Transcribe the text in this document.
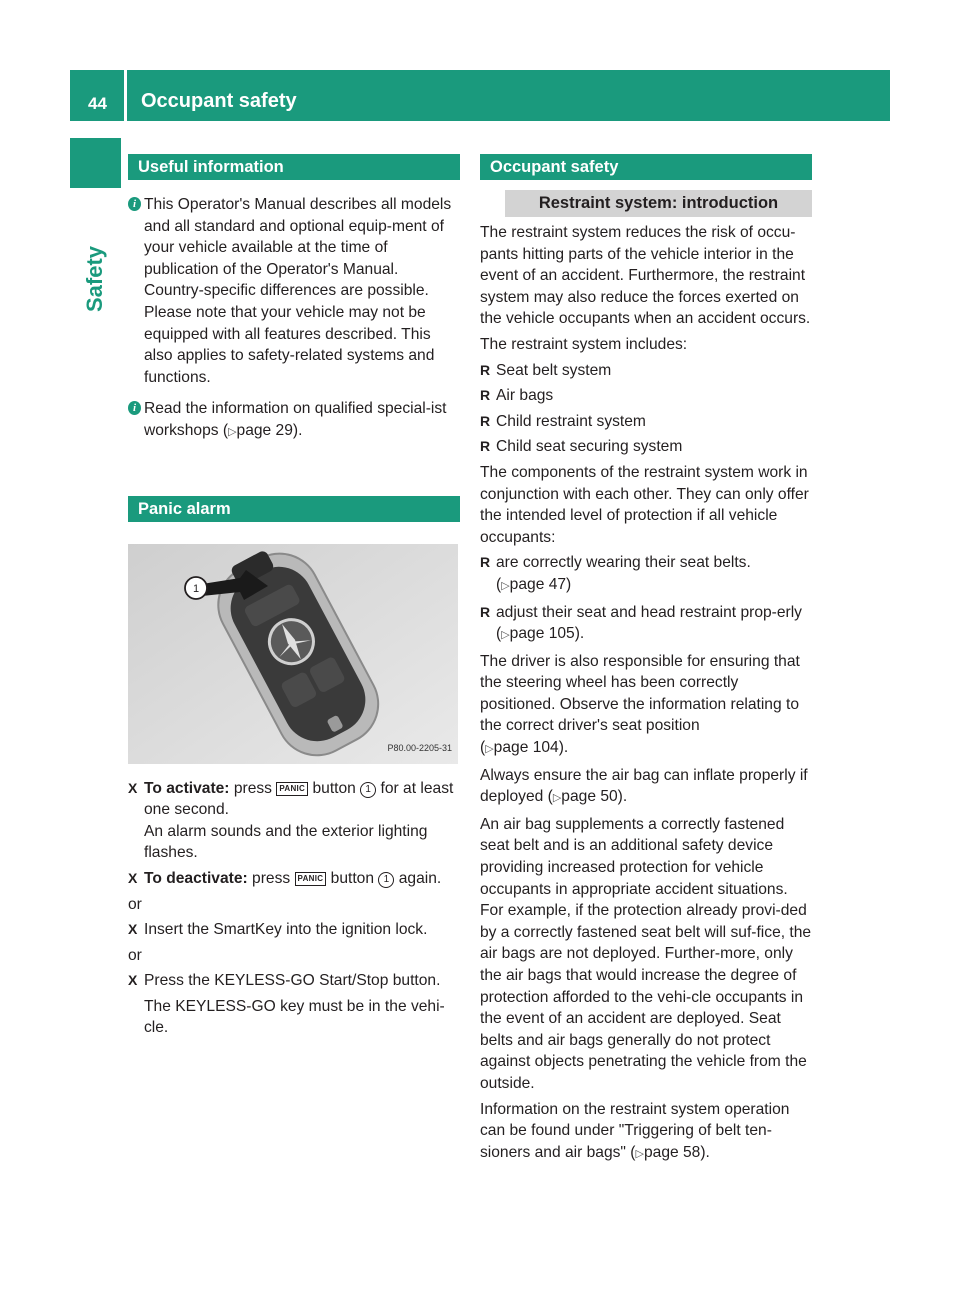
44 Occupant safety
Safety
Useful information
i This Operator's Manual describes all models and all standard and optional equip-ment of your vehicle available at the time of publication of the Operator's Manual. Country-specific differences are possible. Please note that your vehicle may not be equipped with all features described. This also applies to safety-related systems and functions.

i Read the information on qualified special-ist workshops (▷page 29).

Panic alarm
1
P80.00-2205-31
X To activate: press PANIC button 1 for at least one second.

An alarm sounds and the exterior lighting flashes.

X To deactivate: press PANIC button 1 again.

or

X Insert the SmartKey into the ignition lock.

or

X Press the KEYLESS-GO Start/Stop button.

The KEYLESS-GO key must be in the vehi-cle.

Occupant safety
Restraint system: introduction

The restraint system reduces the risk of occu-pants hitting parts of the vehicle interior in the event of an accident. Furthermore, the restraint system may also reduce the forces exerted on the vehicle occupants when an accident occurs.

The restraint system includes:

R Seat belt system

R Air bags

R Child restraint system

R Child seat securing system

The components of the restraint system work in conjunction with each other. They can only offer the intended level of protection if all vehicle occupants:

R are correctly wearing their seat belts.

(▷page 47)

R adjust their seat and head restraint prop-erly (▷page 105).

The driver is also responsible for ensuring that the steering wheel has been correctly positioned. Observe the information relating to the correct driver's seat position

(▷page 104).

Always ensure the air bag can inflate properly if deployed (▷page 50).

An air bag supplements a correctly fastened seat belt and is an additional safety device providing increased protection for vehicle occupants in appropriate accident situations. For example, if the protection already provi-ded by a correctly fastened seat belt will suf-fice, the air bags are not deployed. Further-more, only the air bags that would increase the degree of protection afforded to the vehi-cle occupants in the event of an accident are deployed. Seat belts and air bags generally do not protect against objects penetrating the vehicle from the outside.

Information on the restraint system operation can be found under "Triggering of belt ten-sioners and air bags" (▷page 58).
